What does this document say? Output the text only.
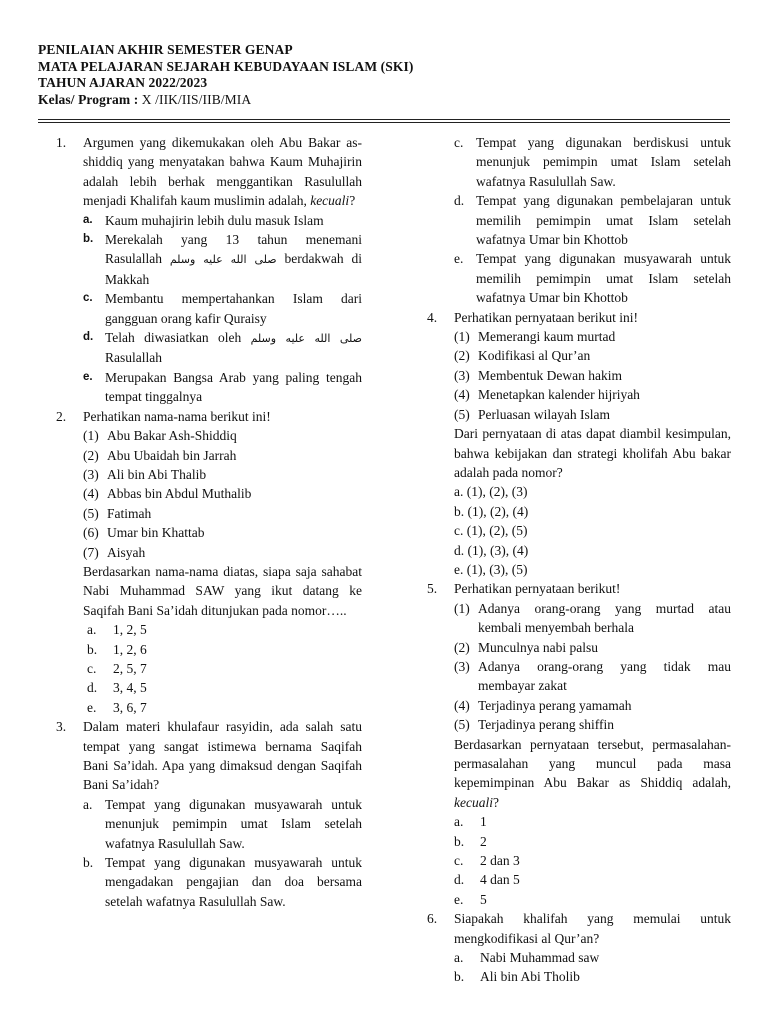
PENILAIAN AKHIR SEMESTER GENAP
MATA PELAJARAN SEJARAH KEBUDAYAAN ISLAM (SKI)
TAHUN AJARAN 2022/2023
Kelas/ Program : X /IIK/IIS/IIB/MIA
1.	Argumen yang dikemukakan oleh Abu Bakar as-shiddiq yang menyatakan bahwa Kaum Muhajirin adalah lebih berhak menggantikan Rasulullah menjadi Khalifah kaum muslimin adalah, kecuali?
a. Kaum muhajirin lebih dulu masuk Islam
b. Merekalah yang 13 tahun menemani Rasulallah صلى الله عليه وسلم berdakwah di Makkah
c. Membantu mempertahankan Islam dari gangguan orang kafir Quraisy
d. Telah diwasiatkan oleh صلى الله عليه وسلم Rasulallah
e. Merupakan Bangsa Arab yang paling tengah tempat tinggalnya
2.	Perhatikan nama-nama berikut ini!
(1) Abu Bakar Ash-Shiddiq
(2) Abu Ubaidah bin Jarrah
(3) Ali bin Abi Thalib
(4) Abbas bin Abdul Muthalib
(5) Fatimah
(6) Umar bin Khattab
(7) Aisyah
Berdasarkan nama-nama diatas, siapa saja sahabat Nabi Muhammad SAW yang ikut datang ke Saqifah Bani Sa’idah ditunjukan pada nomor…..
a.	1, 2, 5
b.	1, 2, 6
c.	2, 5, 7
d.	3, 4, 5
e.	3, 6, 7
3.	Dalam materi khulafaur rasyidin, ada salah satu tempat yang sangat istimewa bernama Saqifah Bani Sa’idah. Apa yang dimaksud dengan Saqifah Bani Sa’idah?
a. Tempat yang digunakan musyawarah untuk menunjuk pemimpin umat Islam setelah wafatnya Rasulullah Saw.
b. Tempat yang digunakan musyawarah untuk mengadakan pengajian dan doa bersama setelah wafatnya Rasulullah Saw.
c. Tempat yang digunakan berdiskusi untuk menunjuk pemimpin umat Islam setelah wafatnya Rasulullah Saw.
d. Tempat yang digunakan pembelajaran untuk memilih pemimpin umat Islam setelah wafatnya Umar bin Khottob
e. Tempat yang digunakan musyawarah untuk memilih pemimpin umat Islam setelah wafatnya Umar bin Khottob
4.	Perhatikan pernyataan berikut ini!
(1) Memerangi kaum murtad
(2) Kodifikasi al Qur’an
(3) Membentuk Dewan hakim
(4) Menetapkan kalender hijriyah
(5) Perluasan wilayah Islam
Dari pernyataan di atas dapat diambil kesimpulan, bahwa kebijakan dan strategi kholifah Abu bakar adalah pada nomor?
a. (1), (2), (3)
b. (1), (2), (4)
c. (1), (2), (5)
d. (1), (3), (4)
e. (1), (3), (5)
5.	Perhatikan pernyataan berikut!
(1) Adanya orang-orang yang murtad atau kembali menyembah berhala
(2) Munculnya nabi palsu
(3) Adanya orang-orang yang tidak mau membayar zakat
(4) Terjadinya perang yamamah
(5) Terjadinya perang shiffin
Berdasarkan pernyataan tersebut, permasalahan-permasalahan yang muncul pada masa kepemimpinan Abu Bakar as Shiddiq adalah, kecuali?
a.	1
b.	2
c.	2 dan 3
d.	4 dan 5
e.	5
6.	Siapakah khalifah yang memulai untuk mengkodifikasi al Qur’an?
a.	Nabi Muhammad saw
b.	Ali bin Abi Tholib
